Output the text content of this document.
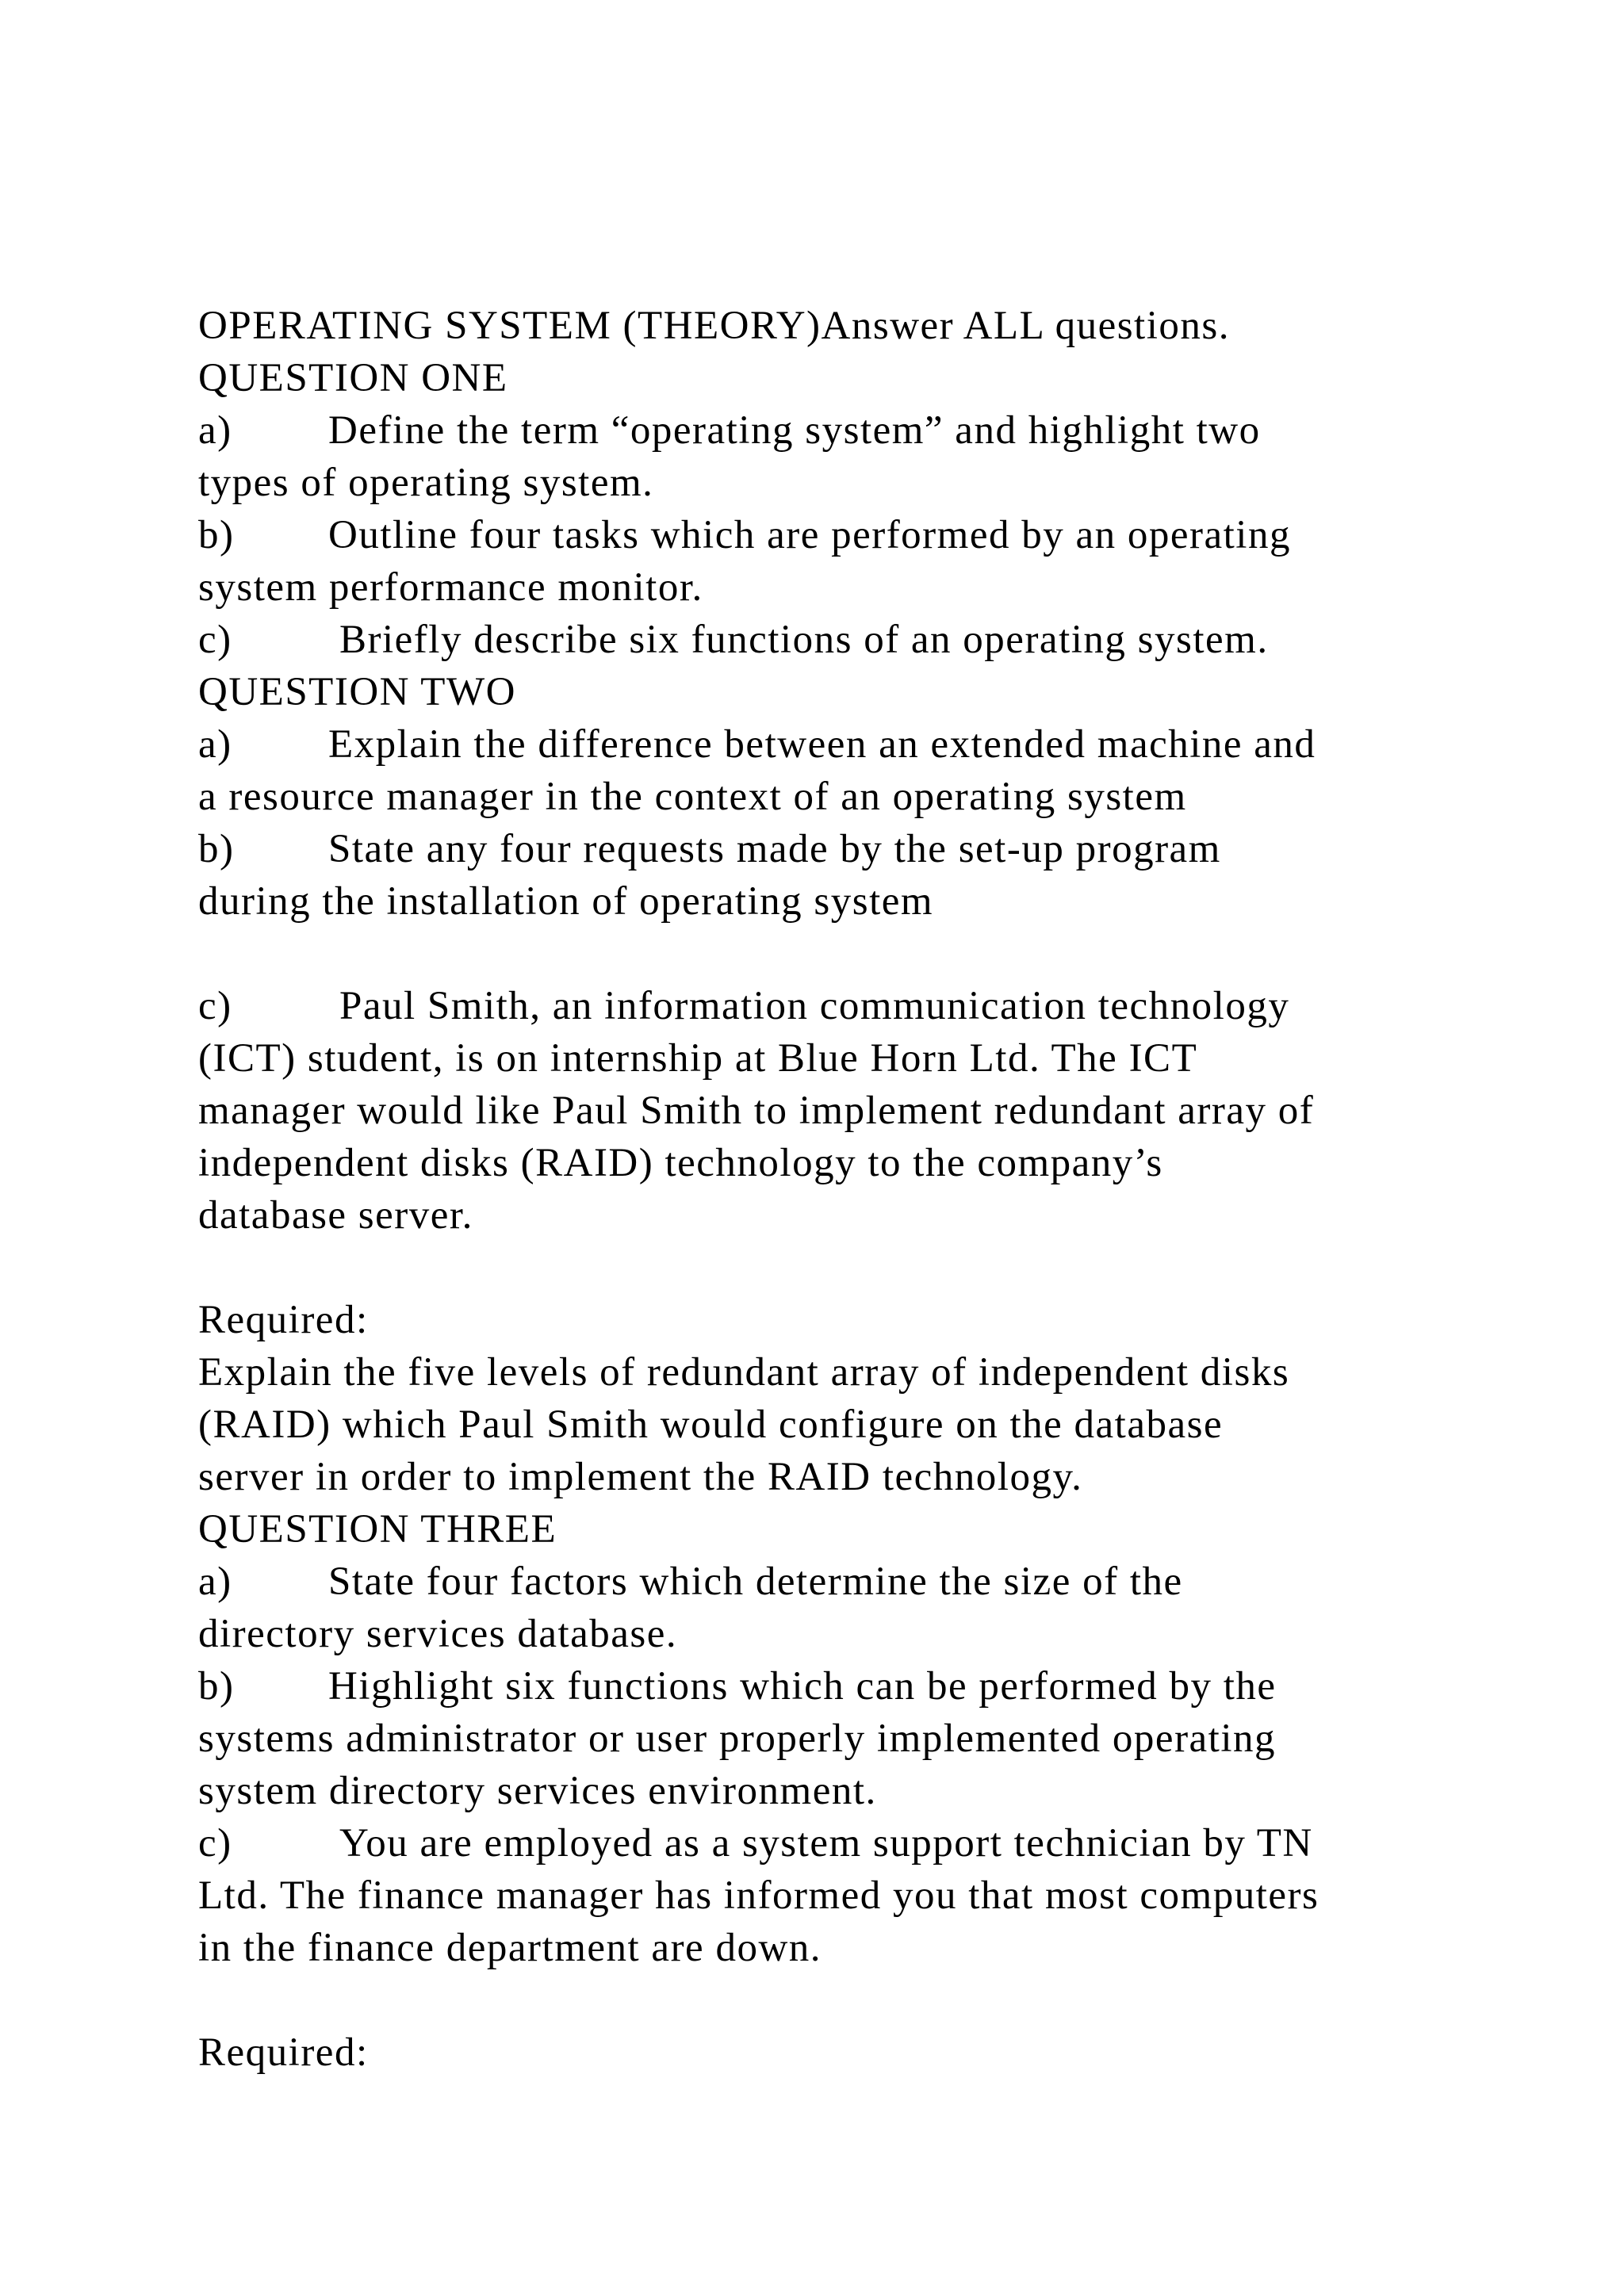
OPERATING SYSTEM (THEORY)Answer ALL questions.
QUESTION ONE
a) Define the term “operating system” and highlight two
types of operating system.
b) Outline four tasks which are performed by an operating
system performance monitor.
c)	Briefly describe six functions of an operating system.
QUESTION TWO
a) Explain the difference between an extended machine and
a resource manager in the context of an operating system
b) State any four requests made by the set-up program
during the installation of operating system
c)	Paul Smith, an information communication technology
(ICT) student, is on internship at Blue Horn Ltd. The ICT
manager would like Paul Smith to implement redundant array of
independent disks (RAID) technology to the company’s
database server.
Required:
Explain the five levels of redundant array of independent disks
(RAID) which Paul Smith would configure on the database
server in order to implement the RAID technology.
QUESTION THREE
a) State four factors which determine the size of the
directory services database.
b) Highlight six functions which can be performed by the
systems administrator or user properly implemented operating
system directory services environment.
c)	You are employed as a system support technician by TN
Ltd. The finance manager has informed you that most computers
in the finance department are down.
Required:
